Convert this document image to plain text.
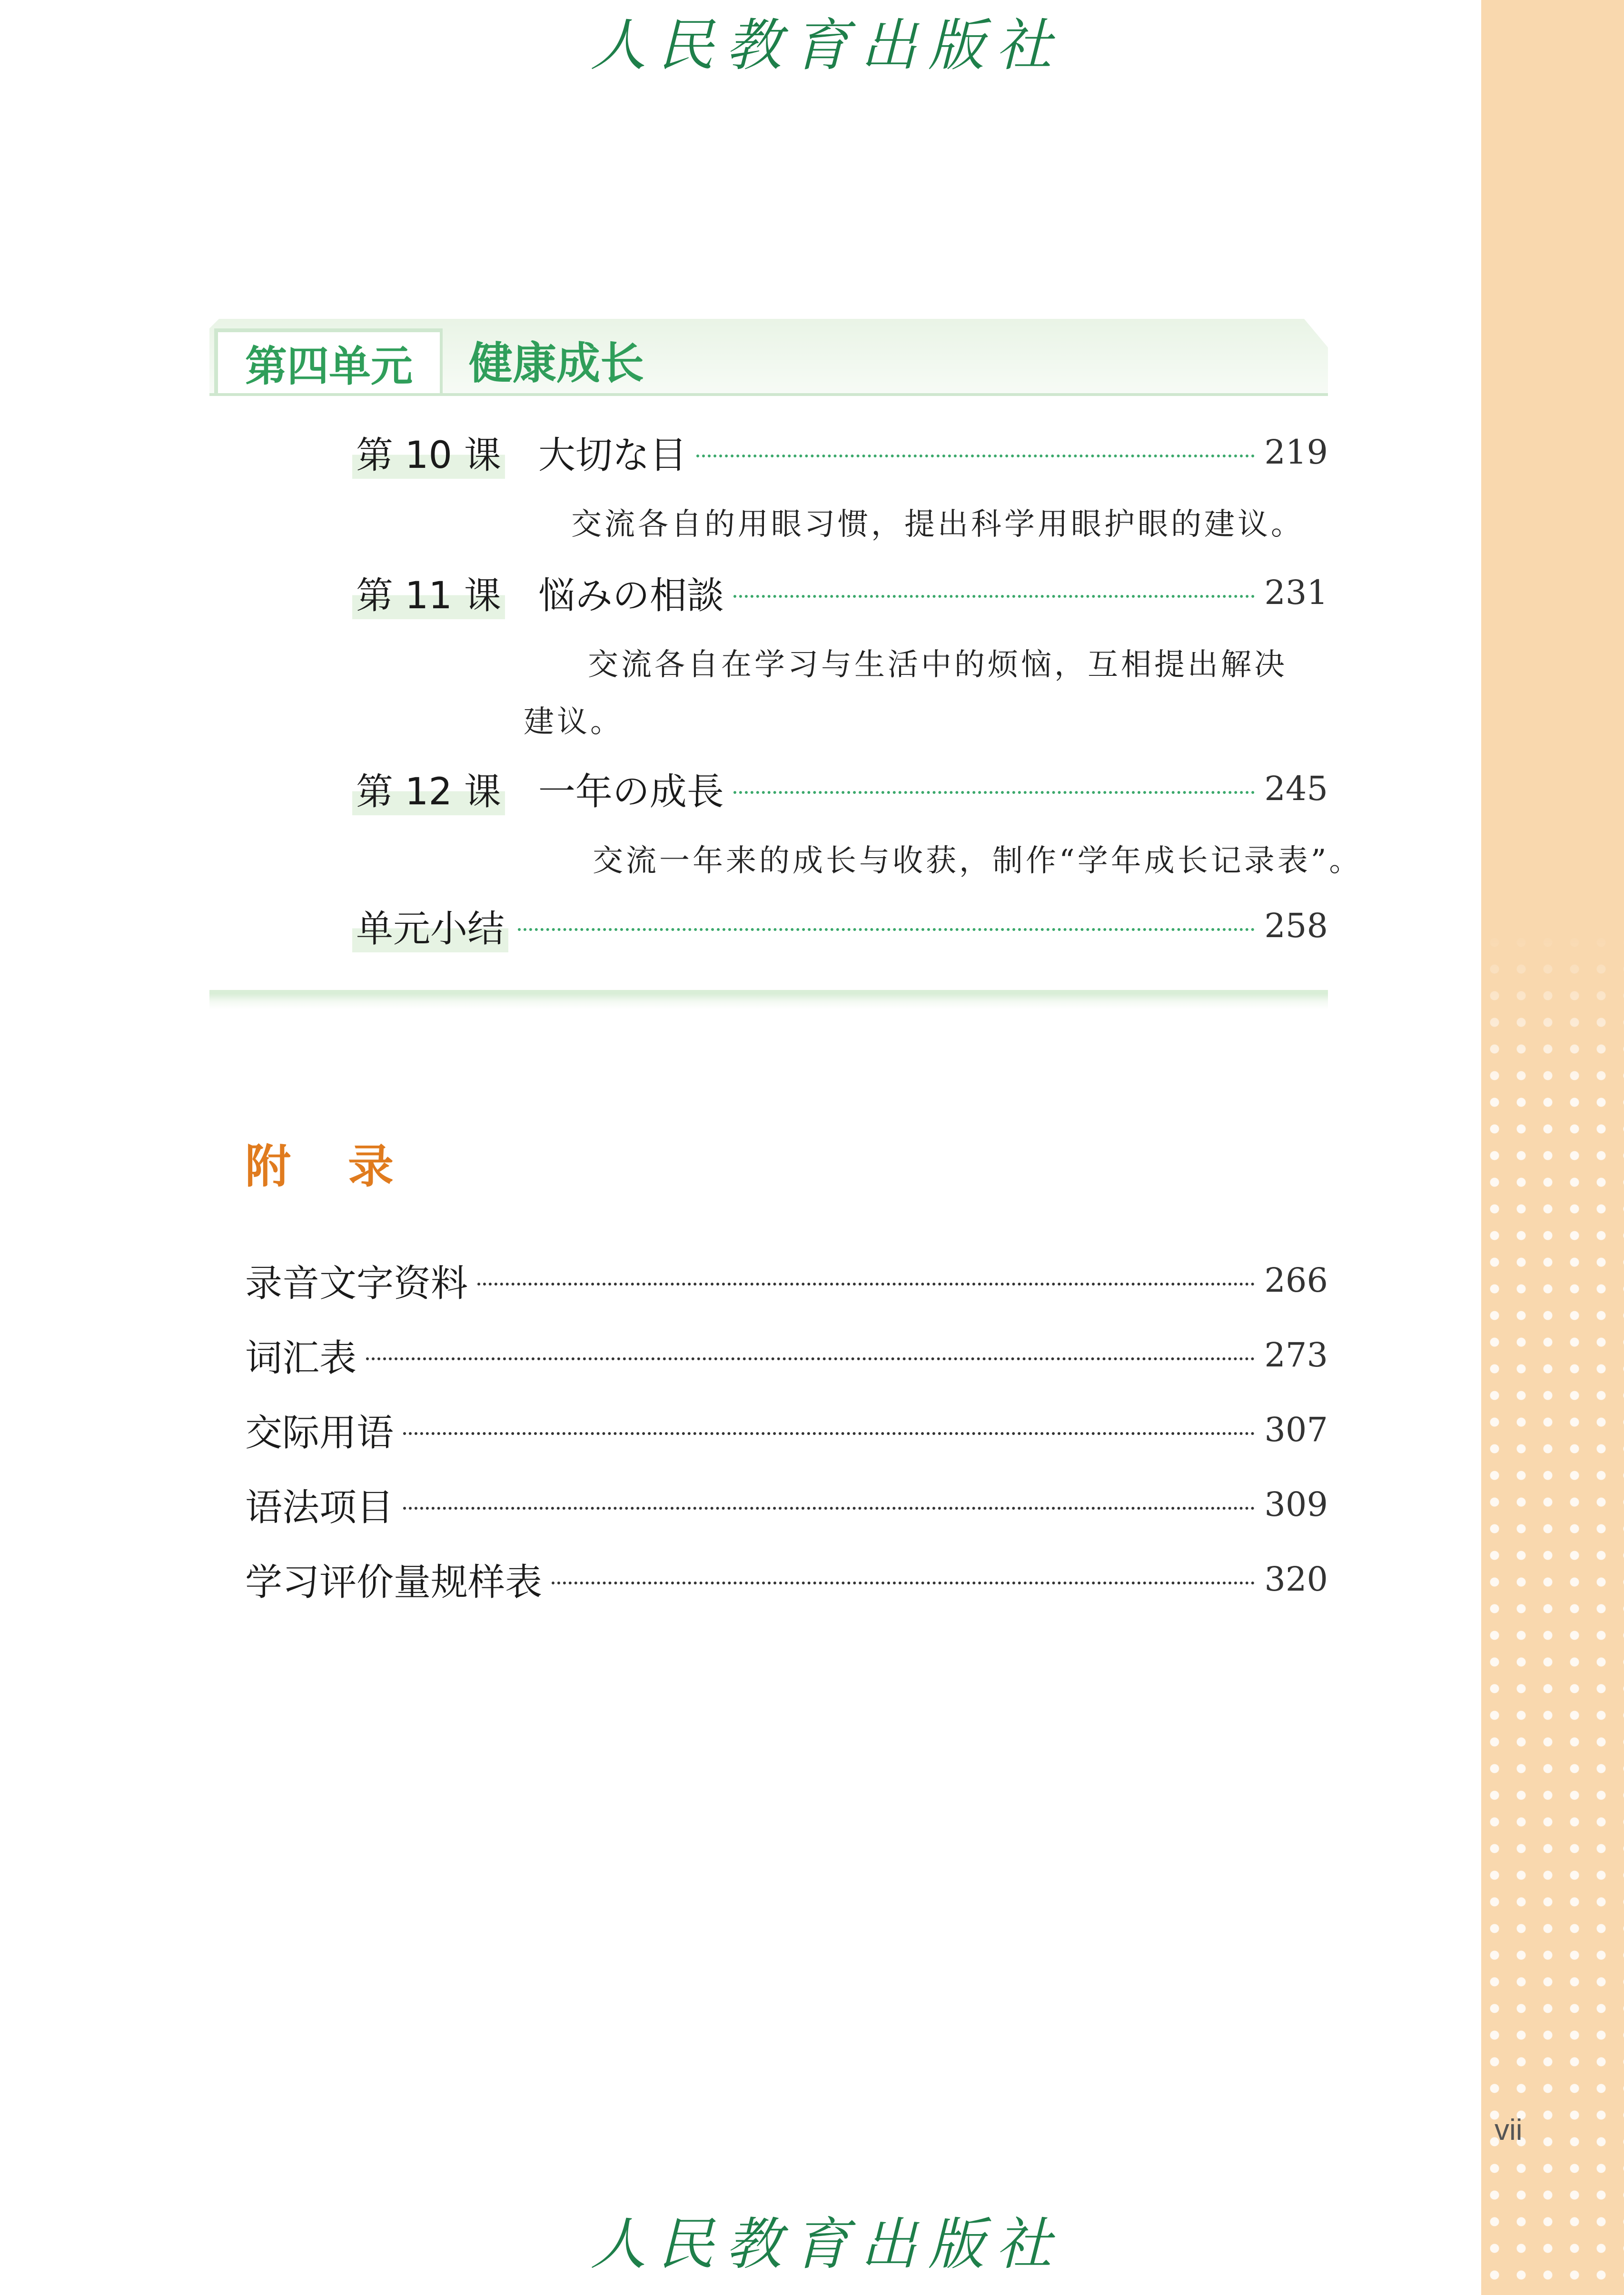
vii
人民教育出版社
人民教育出版社
第四单元 健康成长
第 10 课 大切な目	219
交流各自的用眼习惯，提出科学用眼护眼的建议。
第 11 课 悩みの相談	231
交流各自在学习与生活中的烦恼，互相提出解决
建议。
第 12 课 一年の成長	245
交流一年来的成长与收获，制作“学年成长记录表”。
单元小结	258
附录
录音文字资料	266
词汇表	273
交际用语	307
语法项目	309
学习评价量规样表	320
